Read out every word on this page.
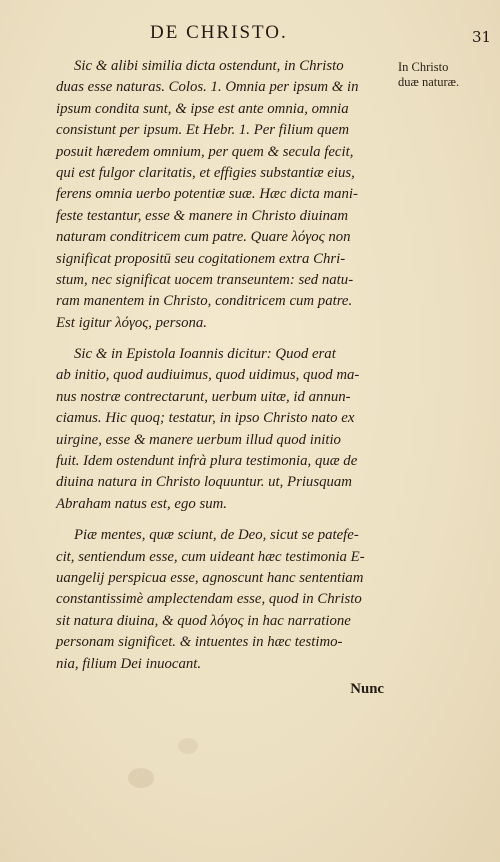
DE CHRISTO.	31
In Christo
duæ naturæ.
Sic & alibi similia dicta ostendunt, in Christo
duas esse naturas. Colos. 1. Omnia per ipsum & in
ipsum condita sunt, & ipse est ante omnia, omnia
consistunt per ipsum. Et Hebr. 1. Per filium quem
posuit hæredem omnium, per quem & secula fecit,
qui est fulgor claritatis, et effigies substantiæ eius,
ferens omnia uerbo potentiæ suæ. Hæc dicta mani-
feste testantur, esse & manere in Christo diuinam
naturam conditricem cum patre. Quare λόγος non
significat propositū seu cogitationem extra Chri-
stum, nec significat uocem transeuntem: sed natu-
ram manentem in Christo, conditricem cum patre.
Est igitur λόγος, persona.
Sic & in Epistola Ioannis dicitur: Quod erat
ab initio, quod audiuimus, quod uidimus, quod ma-
nus nostræ contrectarunt, uerbum uitæ, id annun-
ciamus. Hic quoq; testatur, in ipso Christo nato ex
uirgine, esse & manere uerbum illud quod initio
fuit. Idem ostendunt infrà plura testimonia, quæ de
diuina natura in Christo loquuntur. ut, Priusquam
Abraham natus est, ego sum.
Piæ mentes, quæ sciunt, de Deo, sicut se patefe-
cit, sentiendum esse, cum uideant hæc testimonia E-
uangelij perspicua esse, agnoscunt hanc sententiam
constantissimè amplectendam esse, quod in Christo
sit natura diuina, & quod λόγος in hac narratione
personam significet. & intuentes in hæc testimo-
nia, filium Dei inuocant.
Nunc
